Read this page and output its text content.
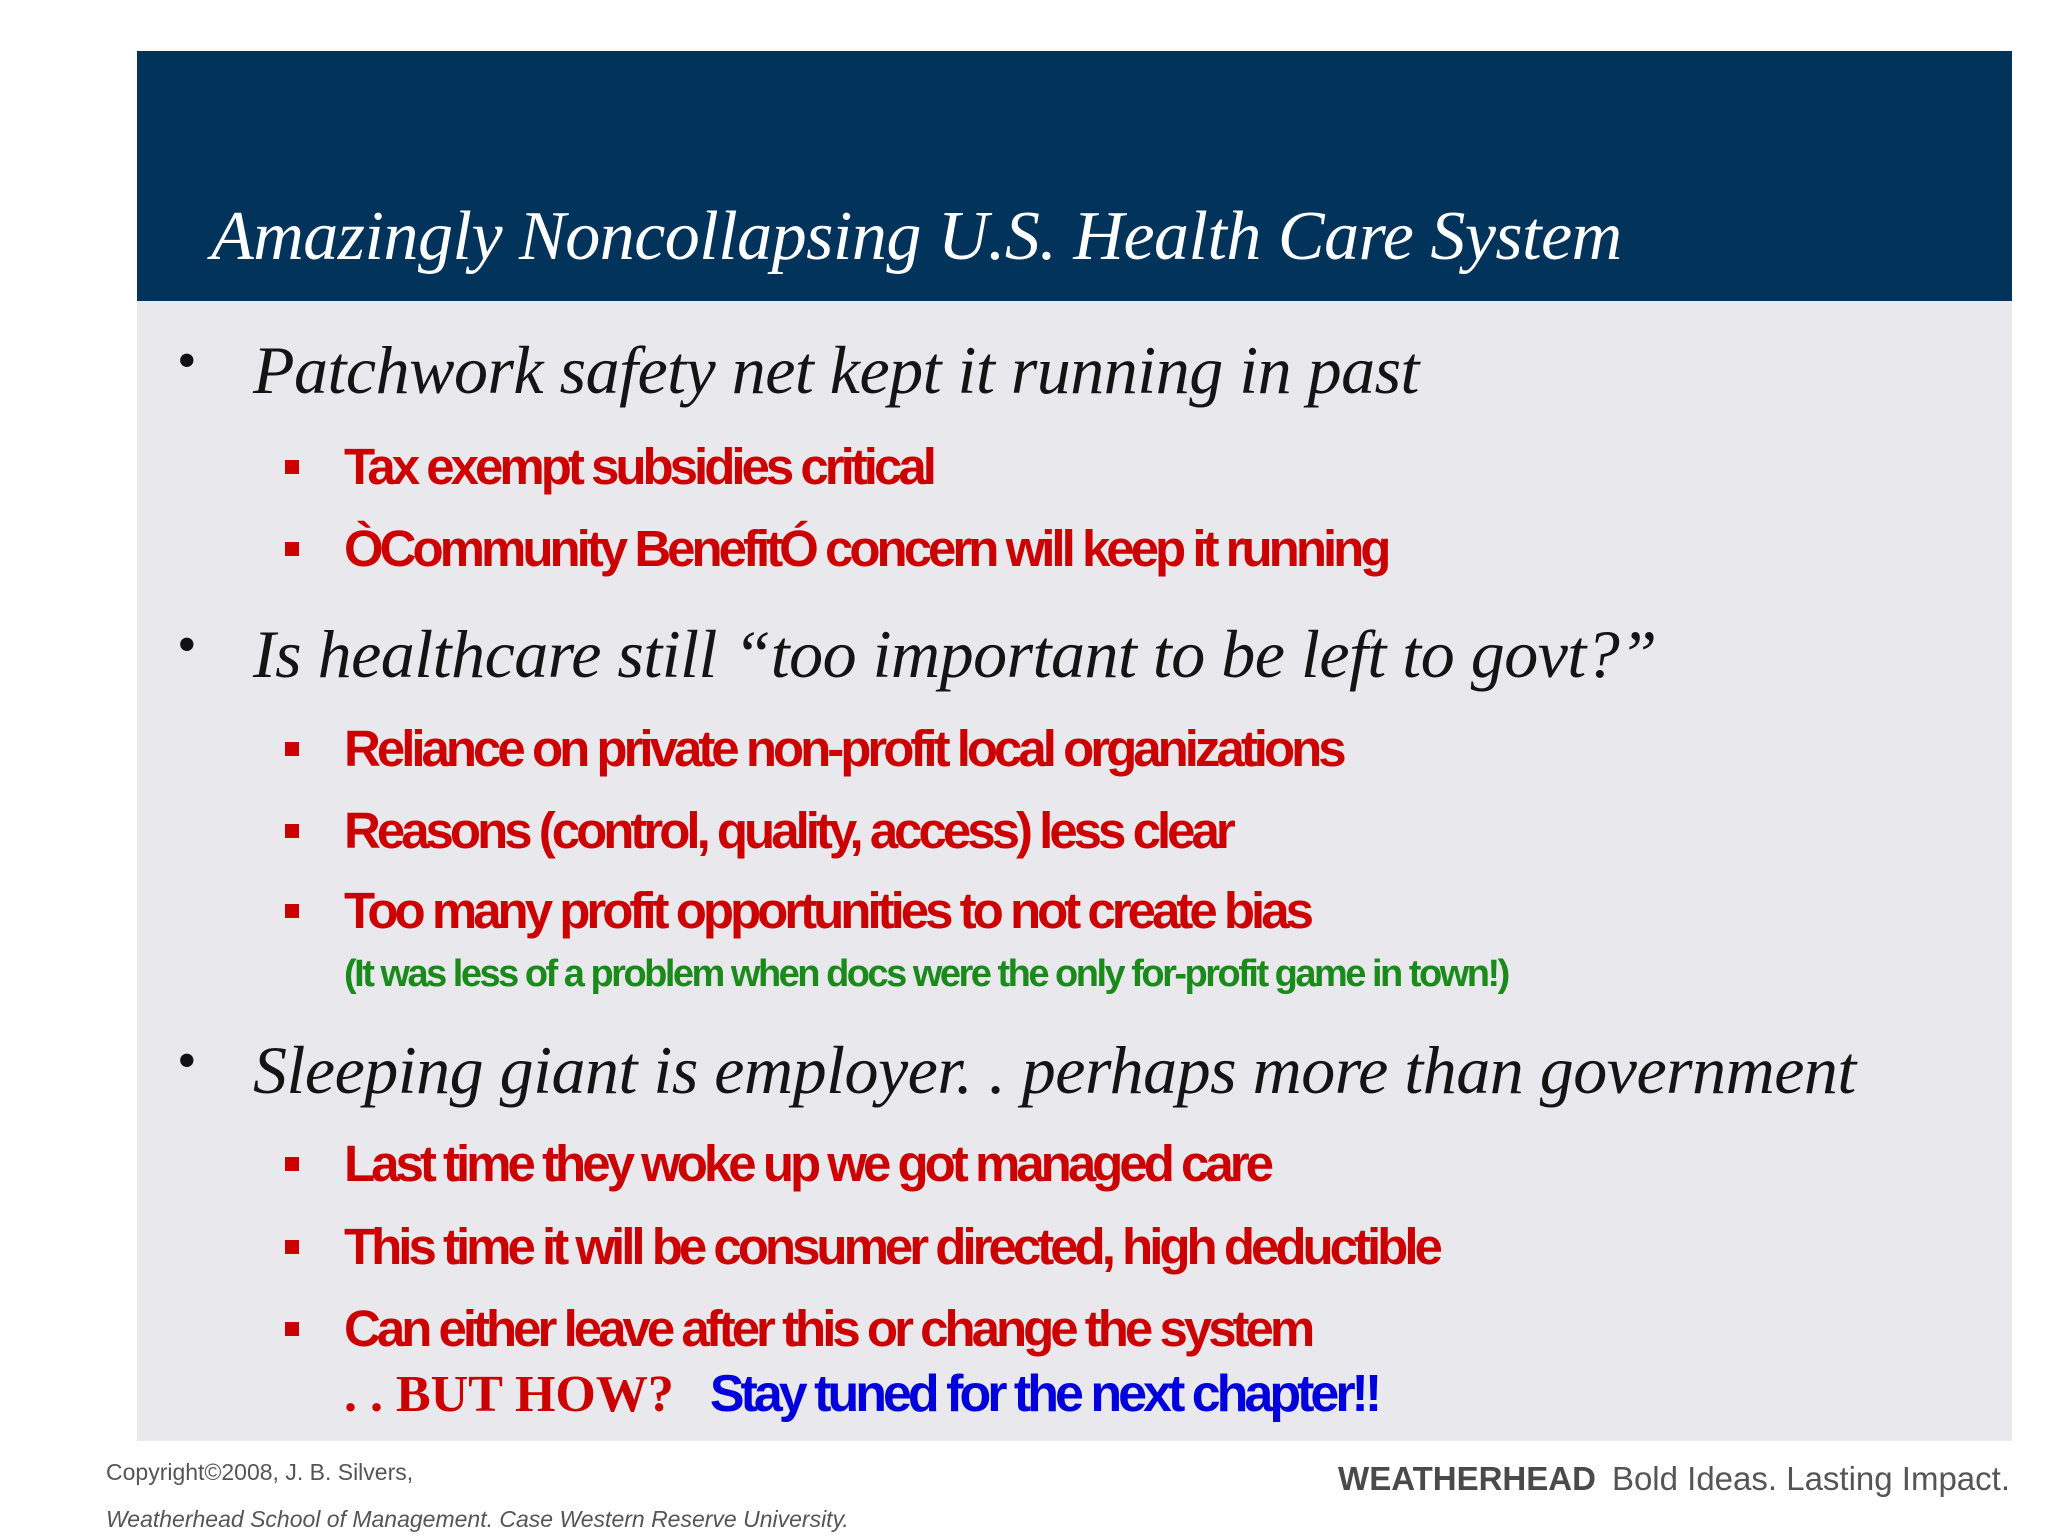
Amazingly Noncollapsing U.S. Health Care System
• Patchwork safety net kept it running in past
Tax exempt subsidies critical
ÒCommunity BenefitÓ concern will keep it running
• Is healthcare still “too important to be left to govt?”
Reliance on private non-profit local organizations
Reasons (control, quality, access) less clear
Too many profit opportunities to not create bias
(It was less of a problem when docs were the only for-profit game in town!)
• Sleeping giant is employer. . perhaps more than government
Last time they woke up we got managed care
This time it will be consumer directed, high deductible
Can either leave after this or change the system
. . BUT HOW? Stay tuned for the next chapter!!
Copyright©2008, J. B. Silvers,
Weatherhead School of Management. Case Western Reserve University.
WEATHERHEAD Bold Ideas. Lasting Impact.
